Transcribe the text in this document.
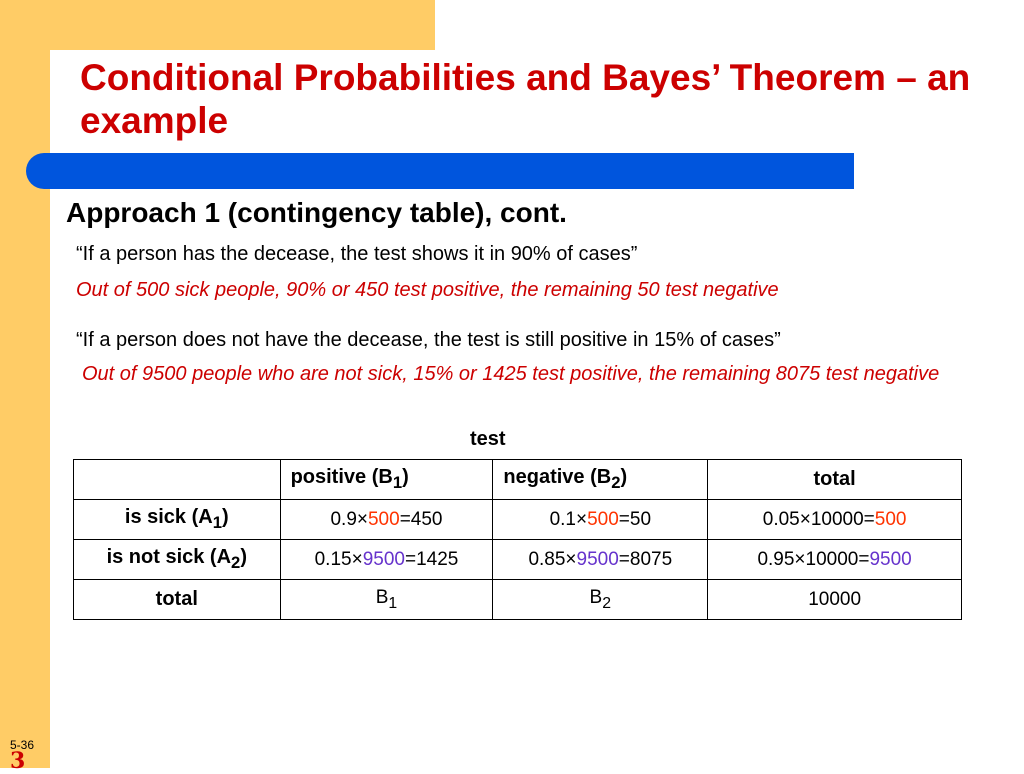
Conditional Probabilities and Bayes’ Theorem – an example
Approach 1 (contingency table), cont.
“If a person has the decease, the test shows it in 90% of cases”
Out of 500 sick people, 90% or 450 test positive, the remaining 50 test negative
“If a person does not have the decease, the test is still positive in 15% of cases”
Out of 9500 people who are not sick, 15% or 1425 test positive, the remaining 8075 test negative
test
	positive $(B_1)$	negative $(B_2)$	total
is sick $(A_1)$	0.9×500=450	0.1×500=50	0.05×10000=500
is not sick $(A_2)$	0.15×9500=1425	0.85×9500=8075	0.95×10000=9500
total	$B_1$	$B_2$	10000
5-36
3
